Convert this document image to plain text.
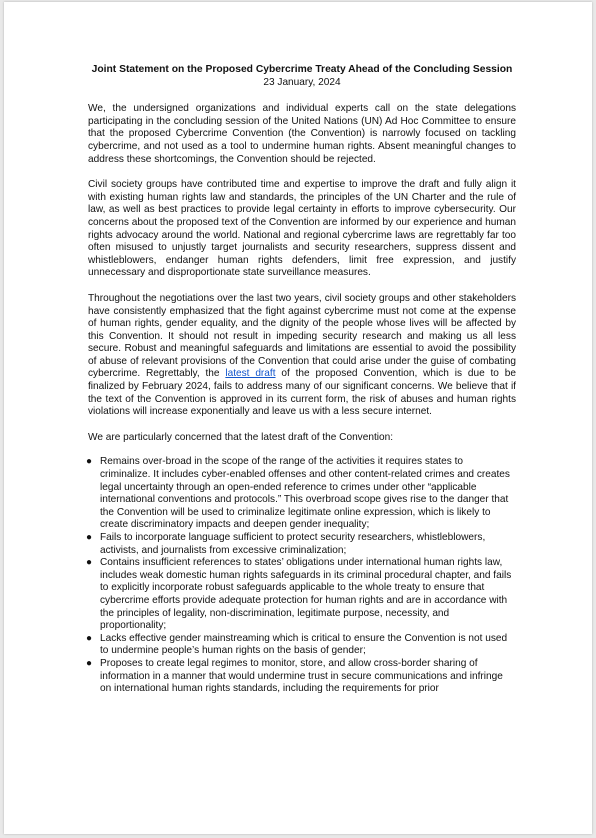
Joint Statement on the Proposed Cybercrime Treaty Ahead of the Concluding Session

23 January, 2024

We, the undersigned organizations and individual experts call on the state delegations participating in the concluding session of the United Nations (UN) Ad Hoc Committee to ensure that the proposed Cybercrime Convention (the Convention) is narrowly focused on tackling cybercrime, and not used as a tool to undermine human rights. Absent meaningful changes to address these shortcomings, the Convention should be rejected.

Civil society groups have contributed time and expertise to improve the draft and fully align it with existing human rights law and standards, the principles of the UN Charter and the rule of law, as well as best practices to provide legal certainty in efforts to improve cybersecurity. Our concerns about the proposed text of the Convention are informed by our experience and human rights advocacy around the world. National and regional cybercrime laws are regrettably far too often misused to unjustly target journalists and security researchers, suppress dissent and whistleblowers, endanger human rights defenders, limit free expression, and justify unnecessary and disproportionate state surveillance measures.

Throughout the negotiations over the last two years, civil society groups and other stakeholders have consistently emphasized that the fight against cybercrime must not come at the expense of human rights, gender equality, and the dignity of the people whose lives will be affected by this Convention. It should not result in impeding security research and making us all less secure. Robust and meaningful safeguards and limitations are essential to avoid the possibility of abuse of relevant provisions of the Convention that could arise under the guise of combating cybercrime. Regrettably, the latest draft of the proposed Convention, which is due to be finalized by February 2024, fails to address many of our significant concerns. We believe that if the text of the Convention is approved in its current form, the risk of abuses and human rights violations will increase exponentially and leave us with a less secure internet.

We are particularly concerned that the latest draft of the Convention:

● Remains over-broad in the scope of the range of the activities it requires states to criminalize. It includes cyber-enabled offenses and other content-related crimes and creates legal uncertainty through an open-ended reference to crimes under other “applicable international conventions and protocols.” This overbroad scope gives rise to the danger that the Convention will be used to criminalize legitimate online expression, which is likely to create discriminatory impacts and deepen gender inequality;
● Fails to incorporate language sufficient to protect security researchers, whistleblowers, activists, and journalists from excessive criminalization;
● Contains insufficient references to states’ obligations under international human rights law, includes weak domestic human rights safeguards in its criminal procedural chapter, and fails to explicitly incorporate robust safeguards applicable to the whole treaty to ensure that cybercrime efforts provide adequate protection for human rights and are in accordance with the principles of legality, non-discrimination, legitimate purpose, necessity, and proportionality;
● Lacks effective gender mainstreaming which is critical to ensure the Convention is not used to undermine people’s human rights on the basis of gender;
● Proposes to create legal regimes to monitor, store, and allow cross-border sharing of information in a manner that would undermine trust in secure communications and infringe on international human rights standards, including the requirements for prior
